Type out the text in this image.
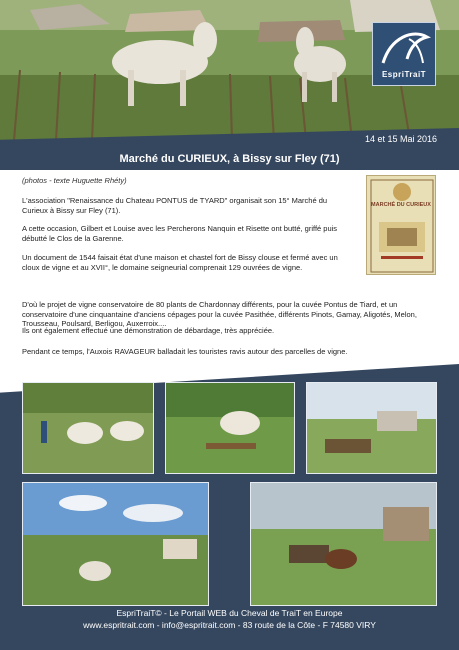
EspriTraiT
14 et 15 Mai 2016
Marché du CURIEUX, à Bissy sur Fley (71)
(photos - texte Huguette Rhéty)
L'association "Renaissance du Chateau PONTUS de TYARD" organisait son 15° Marché du Curieux à Bissy sur Fley (71).
A cette occasion, Gilbert et Louise avec les Percherons Nanquin et Risette ont butté, griffé puis débutté le Clos de la Garenne.
Un document de 1544 faisait état d'une maison et chastel fort de Bissy clouse et fermé avec un cloux de vigne et au XVII°, le domaine seigneurial comprenait 129 ouvrées de vigne.
D'où le projet de vigne conservatoire de 80 plants de Chardonnay différents, pour la cuvée Pontus de Tiard, et un conservatoire d'une cinquantaine d'anciens cépages pour la cuvée Pasithée, différents Pinots, Gamay, Aligotés, Melon, Trousseau, Poulsard, Berligou, Auxerroix....
Ils ont également effectué une démonstration de débardage, très appréciée.
Pendant ce temps, l'Auxois RAVAGEUR balladait les touristes ravis autour des parcelles de vigne.
MARCHÉ DU CURIEUX
EspriTraiT© - Le Portail WEB du Cheval de TraiT en Europe
www.espritrait.com - info@espritrait.com - 83 route de la Côte - F 74580 VIRY
